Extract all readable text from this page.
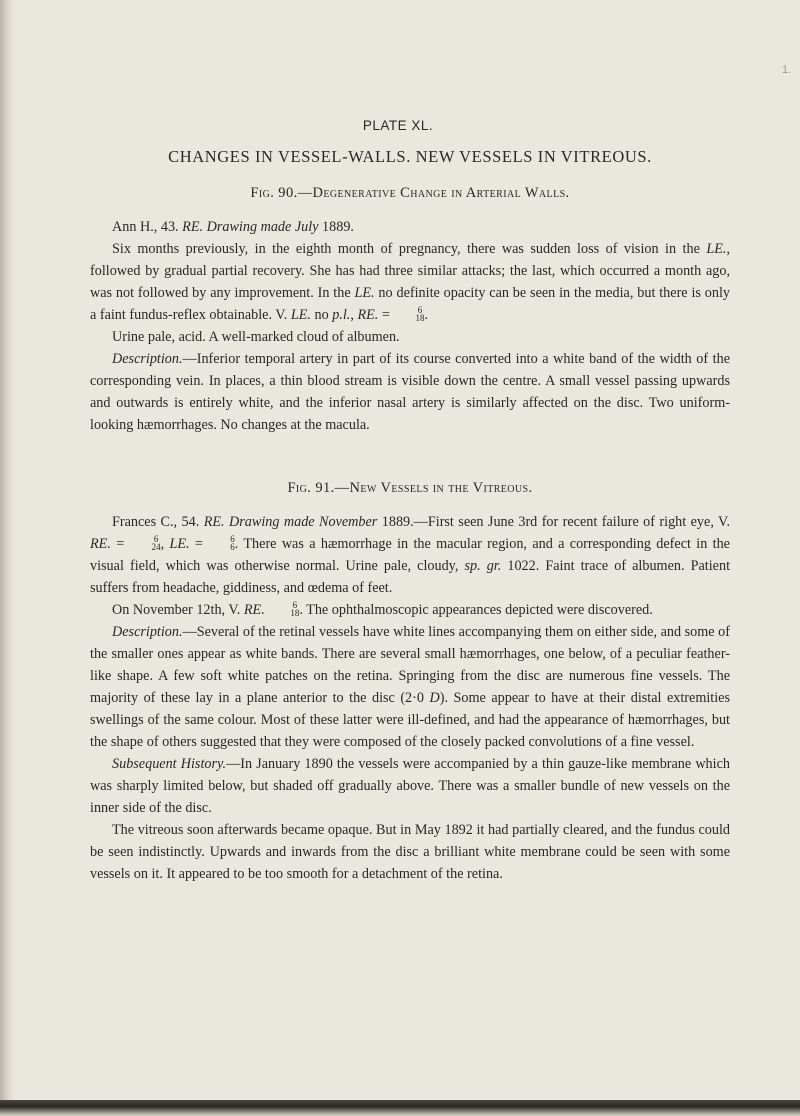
1.
PLATE XL.
CHANGES IN VESSEL-WALLS. NEW VESSELS IN VITREOUS.
Fig. 90.—Degenerative Change in Arterial Walls.

Ann H., 43. RE. Drawing made July 1889.

Six months previously, in the eighth month of pregnancy, there was sudden loss of vision in the LE., followed by gradual partial recovery. She has had three similar attacks; the last, which occurred a month ago, was not followed by any improvement. In the LE. no definite opacity can be seen in the media, but there is only a faint fundus-reflex obtainable. V. LE. no p.l., RE. =	6
18 .

Urine pale, acid. A well-marked cloud of albumen.

Description.—Inferior temporal artery in part of its course converted into a white band of the width of the corresponding vein. In places, a thin blood stream is visible down the centre. A small vessel passing upwards and outwards is entirely white, and the inferior nasal artery is similarly affected on the disc. Two uniform-looking hæmorrhages. No changes at the macula.

Fig. 91.—New Vessels in the Vitreous.

Frances C., 54. RE. Drawing made November 1889.—First seen June 3rd for recent failure of right eye, V. RE. =	6
24 , LE. =	6
6 . There was a hæmorrhage in the macular region, and a corresponding defect in the visual field, which was otherwise normal. Urine pale, cloudy, sp. gr. 1022. Faint trace of albumen. Patient suffers from headache, giddiness, and œdema of feet.

On November 12th, V. RE.	6
18 . The ophthalmoscopic appearances depicted were discovered.

Description.—Several of the retinal vessels have white lines accompanying them on either side, and some of the smaller ones appear as white bands. There are several small hæmorrhages, one below, of a peculiar feather-like shape. A few soft white patches on the retina. Springing from the disc are numerous fine vessels. The majority of these lay in a plane anterior to the disc (2·0 D). Some appear to have at their distal extremities swellings of the same colour. Most of these latter were ill-defined, and had the appearance of hæmorrhages, but the shape of others suggested that they were composed of the closely packed convolutions of a fine vessel.

Subsequent History.—In January 1890 the vessels were accompanied by a thin gauze-like membrane which was sharply limited below, but shaded off gradually above. There was a smaller bundle of new vessels on the inner side of the disc.

The vitreous soon afterwards became opaque. But in May 1892 it had partially cleared, and the fundus could be seen indistinctly. Upwards and inwards from the disc a brilliant white membrane could be seen with some vessels on it. It appeared to be too smooth for a detachment of the retina.
